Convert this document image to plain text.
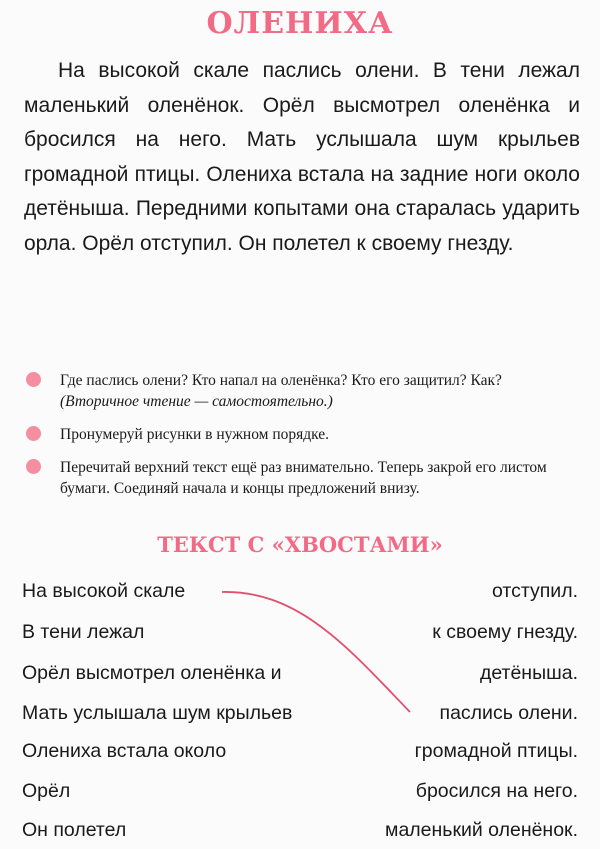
ОЛЕНИХА
На высокой скале паслись олени. В тени лежал маленький оленёнок. Орёл высмотрел оленёнка и бросился на него. Мать услышала шум крыльев громадной птицы. Олениха встала на задние ноги около детёныша. Передними копытами она старалась ударить орла. Орёл отступил. Он полетел к своему гнезду.
Где паслись олени? Кто напал на оленёнка? Кто его защитил? Как?
(Вторичное чтение — самостоятельно.)
Пронумеруй рисунки в нужном порядке.
Перечитай верхний текст ещё раз внимательно. Теперь закрой его листом бумаги. Соединяй начала и концы предложений внизу.
ТЕКСТ С «ХВОСТАМИ»
На высокой скале	отступил.
В тени лежал	к своему гнезду.
Орёл высмотрел оленёнка и	детёныша.
Мать услышала шум крыльев	паслись олени.
Олениха встала около	громадной птицы.
Орёл	бросился на него.
Он полетел	маленький оленёнок.
